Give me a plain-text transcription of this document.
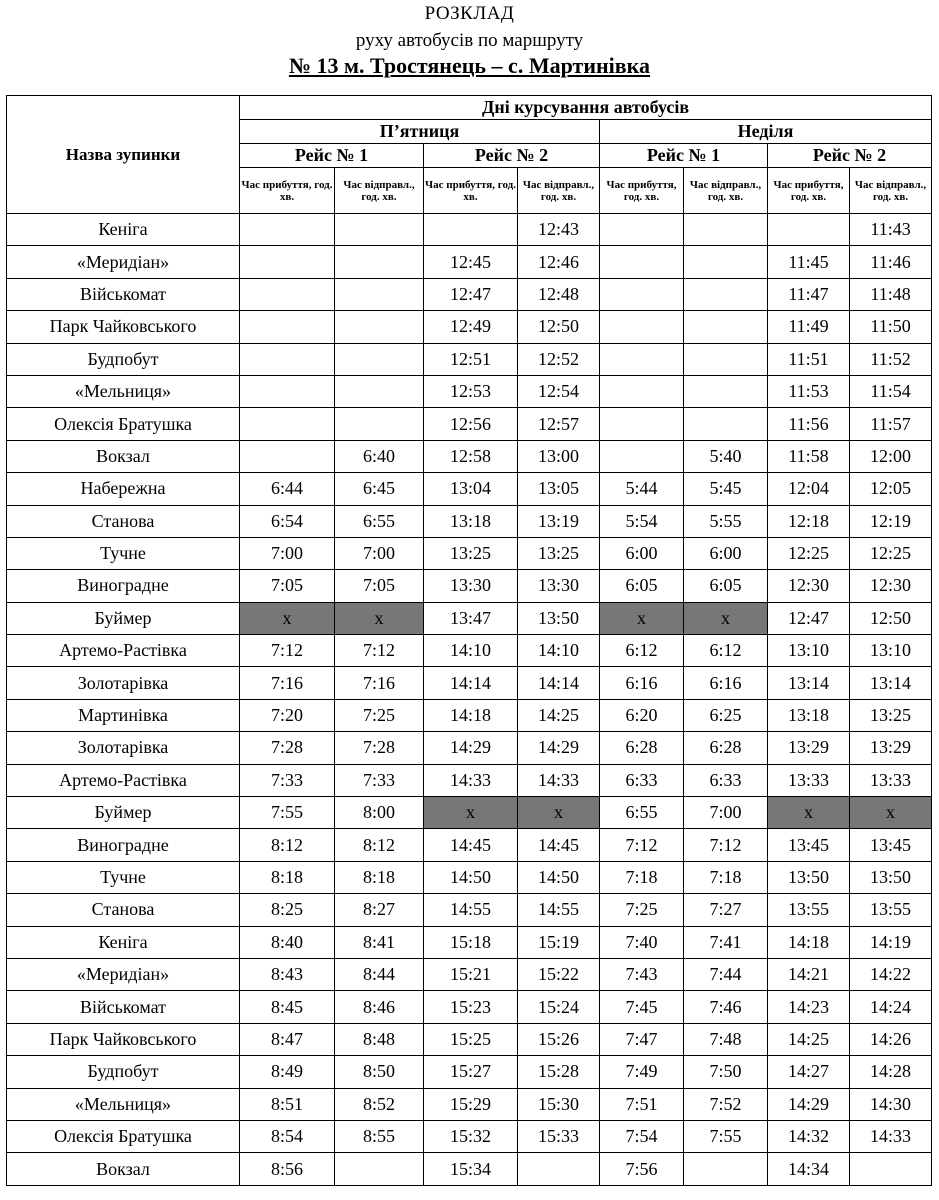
РОЗКЛАД
руху автобусів по маршруту
№ 13 м. Тростянець – с. Мартинівка
Назва зупинки	Дні курсування автобусів							
	П’ятниця				Неділя			
	Рейс № 1		Рейс № 2		Рейс № 1		Рейс № 2	
	Час прибуття, год. хв.	Час відправл., год. хв.	Час прибуття, год. хв.	Час відправл., год. хв.	Час прибуття, год. хв.	Час відправл., год. хв.	Час прибуття, год. хв.	Час відправл., год. хв.
Кеніга				12:43				11:43
«Меридіан»			12:45	12:46			11:45	11:46
Військомат			12:47	12:48			11:47	11:48
Парк Чайковського			12:49	12:50			11:49	11:50
Будпобут			12:51	12:52			11:51	11:52
«Мельниця»			12:53	12:54			11:53	11:54
Олексія Братушка			12:56	12:57			11:56	11:57
Вокзал		6:40	12:58	13:00		5:40	11:58	12:00
Набережна	6:44	6:45	13:04	13:05	5:44	5:45	12:04	12:05
Станова	6:54	6:55	13:18	13:19	5:54	5:55	12:18	12:19
Тучне	7:00	7:00	13:25	13:25	6:00	6:00	12:25	12:25
Виноградне	7:05	7:05	13:30	13:30	6:05	6:05	12:30	12:30
Буймер	x	x	13:47	13:50	x	x	12:47	12:50
Артемо-Растівка	7:12	7:12	14:10	14:10	6:12	6:12	13:10	13:10
Золотарівка	7:16	7:16	14:14	14:14	6:16	6:16	13:14	13:14
Мартинівка	7:20	7:25	14:18	14:25	6:20	6:25	13:18	13:25
Золотарівка	7:28	7:28	14:29	14:29	6:28	6:28	13:29	13:29
Артемо-Растівка	7:33	7:33	14:33	14:33	6:33	6:33	13:33	13:33
Буймер	7:55	8:00	x	x	6:55	7:00	x	x
Виноградне	8:12	8:12	14:45	14:45	7:12	7:12	13:45	13:45
Тучне	8:18	8:18	14:50	14:50	7:18	7:18	13:50	13:50
Станова	8:25	8:27	14:55	14:55	7:25	7:27	13:55	13:55
Кеніга	8:40	8:41	15:18	15:19	7:40	7:41	14:18	14:19
«Меридіан»	8:43	8:44	15:21	15:22	7:43	7:44	14:21	14:22
Військомат	8:45	8:46	15:23	15:24	7:45	7:46	14:23	14:24
Парк Чайковського	8:47	8:48	15:25	15:26	7:47	7:48	14:25	14:26
Будпобут	8:49	8:50	15:27	15:28	7:49	7:50	14:27	14:28
«Мельниця»	8:51	8:52	15:29	15:30	7:51	7:52	14:29	14:30
Олексія Братушка	8:54	8:55	15:32	15:33	7:54	7:55	14:32	14:33
Вокзал	8:56		15:34		7:56		14:34	
